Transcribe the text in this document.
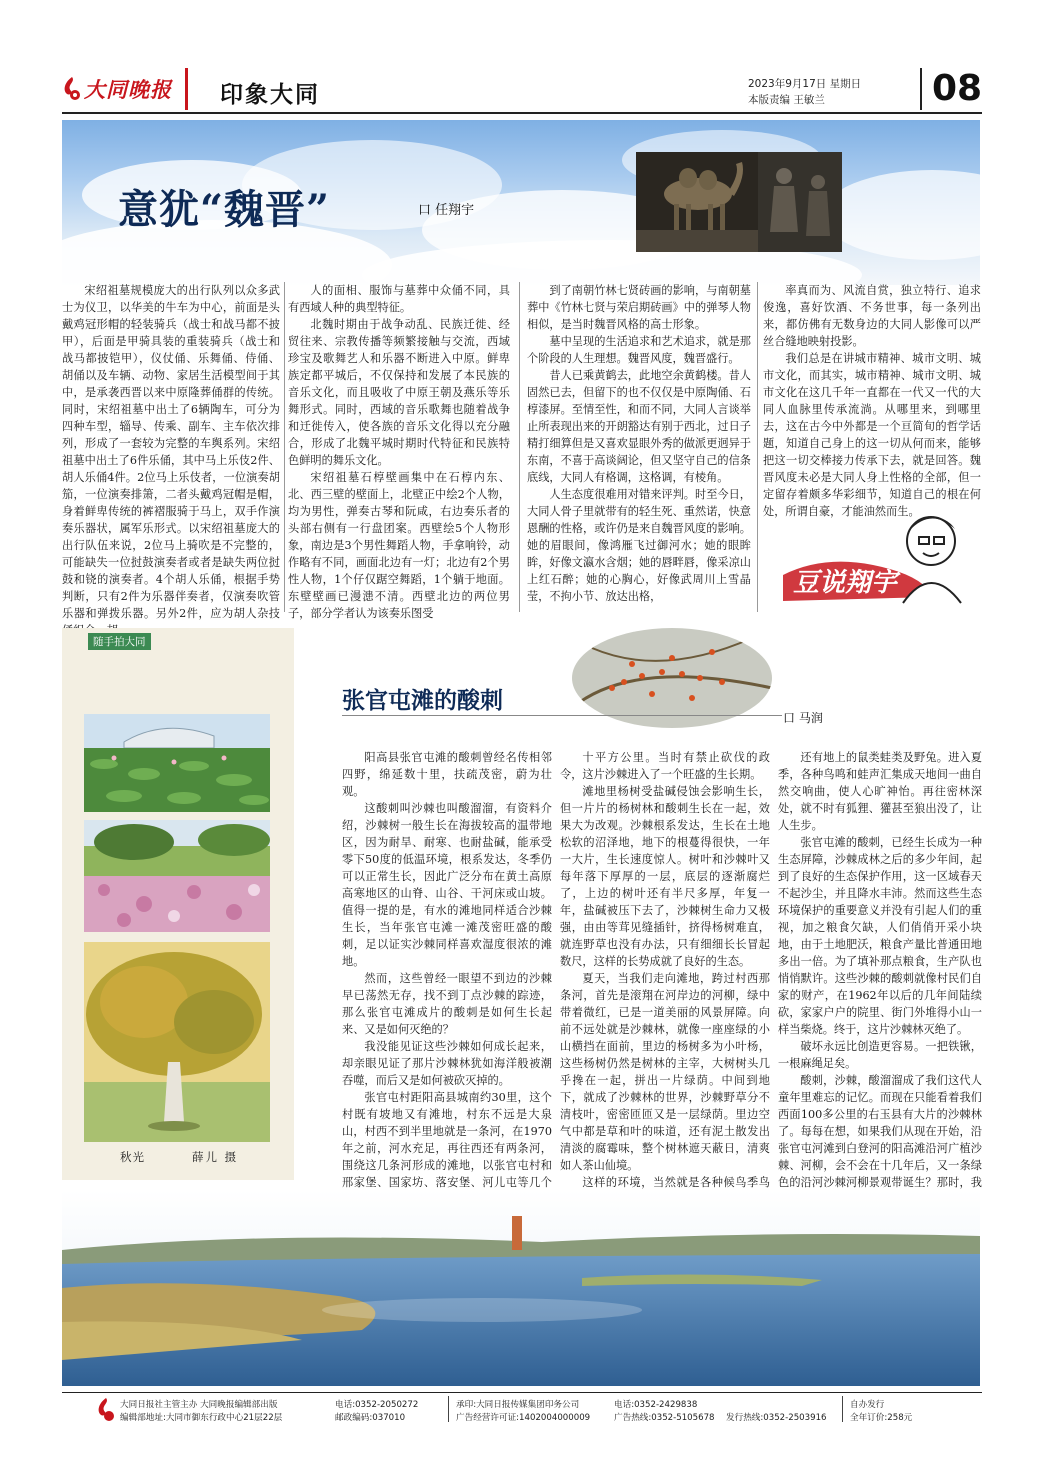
大同晚报 印象大同	2023年9月17日 星期日
本版责编 王敏兰	08
意犹“魏晋”	口 任翔宇

宋绍祖墓规模庞大的出行队列以众多武士为仪卫，以华美的牛车为中心，前面是头戴鸡冠形帽的轻装骑兵（战士和战马都不披甲），后面是甲骑具装的重装骑兵（战士和战马都披铠甲），仪仗俑、乐舞俑、侍俑、胡俑以及车辆、动物、家居生活模型间于其中，是承袭西晋以来中原隆葬俑群的传统。同时，宋绍祖墓中出土了6辆陶车，可分为四种车型，辎导、传乘、副车、主车依次排列，形成了一套较为完整的车舆系列。宋绍祖墓中出土了6件乐俑，其中马上乐伎2件、胡人乐俑4件。2位马上乐伎者，一位演奏胡笳，一位演奏排箫，二者头戴鸡冠帽是帽，身着鲜卑传统的裤褶服骑于马上，双手作演奏乐器状，属军乐形式。以宋绍祖墓庞大的出行队伍来说，2位马上骑吹是不完整的，可能缺失一位挝鼓演奏者或者是缺失两位挝鼓和铙的演奏者。4个胡人乐俑，根据手势判断，只有2件为乐器伴奏者，仅演奏吹管乐器和弹拨乐器。另外2件，应为胡人杂技

人的面相、服饰与墓葬中众俑不同，具有西域人种的典型特征。

北魏时期由于战争动乱、民族迁徙、经贸往来、宗教传播等频繁接触与交流，西域珍宝及歌舞艺人和乐器不断进入中原。鲜卑族定都平城后，不仅保持和发展了本民族的音乐文化，而且吸收了中原王朝及燕乐等乐舞形式。同时，西域的音乐歌舞也随着战争和迁徙传入，使各族的音乐文化得以充分融合，形成了北魏平城时期时代特征和民族特色鲜明的舞乐文化。

宋绍祖墓石椁壁画集中在石椁内东、北、西三壁的壁面上，北壁正中绘2个人物，均为男性，弹奏古琴和阮咸，右边奏乐者的头部右侧有一行盘团案。西壁绘5个人物形象，南边是3个男性舞蹈人物，手拿响铃，动作略有不同，画面北边有一灯；北边有2个男性人物，1个仔仅踞空舞蹈，1个躺于地面。东壁壁画已漫漶不清。西壁北边的两位男子，部分学者认为该奏乐图受

到了南朝竹林七贤砖画的影响，与南朝墓葬中《竹林七贤与荣启期砖画》中的弹琴人物相似，是当时魏晋风格的高士形象。

墓中呈现的生活追求和艺术追求，就是那个阶段的人生理想。魏晋风度，魏晋盛行。

昔人已乘黄鹤去，此地空余黄鹤楼。昔人固然已去，但留下的也不仅仅是中原陶俑、石椁漆屏。至情至性，和而不同，大同人言谈举止所表现出来的开朗豁达有别于西北，过日子精打细算但是又喜欢显眼外秀的做派更迥异于东南，不喜于高谈阔论，但又坚守自己的信条底线，大同人有格调，这格调，有棱角。

人生态度很难用对错来评判。时至今日，大同人骨子里就带有的轻生死、重然诺，快意恩酬的性格，或许仍是来自魏晋风度的影响。她的眉眼间，像鸿雁飞过御河水；她的眼眸眸，好像文瀛水含烟；她的唇畔唇，像采凉山上红石醉；她的心胸心，好像武周川上雪晶莹，不拘小节、放达出格，

率真而为、风流自赏，独立特行、追求俊逸，喜好饮酒、不务世事，每一条列出来，都仿佛有无数身边的大同人影像可以严丝合缝地映射投影。

我们总是在讲城市精神、城市文明、城市文化，而其实，城市精神、城市文明、城市文化在这几千年一直都在一代又一代的大同人血脉里传承流淌。从哪里来，到哪里去，这在古今中外都是一个亘简旬的哲学话题，知道自己身上的这一切从何而来，能够把这一切交棒接力传承下去，就是回答。魏晋风度未必是大同人身上性格的全部，但一定留存着颇多华彩细节，知道自己的根在何处，所谓自豪，才能油然而生。

豆说翔宇
随手拍大同
秋光	薛儿 摄
张官屯滩的酸刺
口 马润

阳高县张官屯滩的酸刺曾经名传相邻四野，绵延数十里，扶疏茂密，蔚为壮观。

这酸刺叫沙棘也叫酸溜溜，有资料介绍，沙棘树一般生长在海拔较高的温带地区，因为耐旱、耐寒、也耐盐碱，能承受零下50度的低温环境，根系发达，冬季仍可以正常生长，因此广泛分布在黄土高原高寒地区的山脊、山谷、干河床或山坡。值得一提的是，有水的滩地同样适合沙棘生长，当年张官屯滩一滩茂密旺盛的酸刺，足以证实沙棘同样喜欢湿度很浓的滩地。

然而，这些曾经一眼望不到边的沙棘早已荡然无存，找不到丁点沙棘的踪迹，那么张官屯滩成片的酸刺是如何生长起来、又是如何灭绝的？

我没能见证这些沙棘如何成长起来，却亲眼见证了那片沙棘林犹如海洋般被潮吞噬，而后又是如何被砍灭掉的。

张官屯村距阳高县城南约30里，这个村既有坡地又有滩地，村东不远是大泉山，村西不到半里地就是一条河，在1970年之前，河水充足，再往西还有两条河，围绕这几条河形成的滩地，以张官屯村和邢家堡、国家坊、落安堡、河儿屯等几个

十平方公里。当时有禁止砍伐的政令，这片沙棘进入了一个旺盛的生长期。

滩地里杨树受盐碱侵蚀会影响生长，但一片片的杨树林和酸刺生长在一起，效果大为改观。沙棘根系发达，生长在土地松软的沼泽地，地下的根蔓得很快，一年一大片，生长速度惊人。树叶和沙棘叶又每年落下厚厚的一层，底层的逐渐腐烂了，上边的树叶还有半尺多厚，年复一年，盐碱被压下去了，沙棘树生命力又极强，由由等茸见缝插针，挤得杨树难直，就连野草也没有办法，只有细细长长冒起数尺，这样的长势成就了良好的生态。

夏天，当我们走向滩地，跨过村西那条河，首先是滚翔在河岸边的河柳，绿中带着微红，已是一道美丽的风景屏障。向前不远处就是沙棘林，就像一座座绿的小山横挡在面前，里边的杨树多为小叶杨，这些杨树仍然是树林的主宰，大树树头几乎搀在一起，拼出一片绿荫。中间到地下，就成了沙棘林的世界，沙棘野草分不清枝叶，密密匝匝又是一层绿荫。里边空气中都是草和叶的味道，还有泥土散发出清淡的腐霉味，整个树林遮天蔽日，清爽如人茶山仙境。

这样的环境，当然就是各种候鸟季鸟

还有地上的鼠类蛙类及野兔。进入夏季，各种鸟鸣和蛙声汇集成天地间一曲自然交响曲，使人心旷神怡。再往密林深处，就不时有狐狸、獾甚至狼出没了，让人生步。

张官屯滩的酸刺，已经生长成为一种生态屏障，沙棘成林之后的多少年间，起到了良好的生态保护作用，这一区域春天不起沙尘，并且降水丰沛。然而这些生态环境保护的重要意义并没有引起人们的重视，加之粮食欠缺，人们俏俏开采小块地，由于土地肥沃，粮食产量比普通田地多出一倍。为了填补那点粮食，生产队也悄悄默许。这些沙棘的酸刺就像村民们自家的财产，在1962年以后的几年间陆续砍，家家户户的院里、街门外堆得小山一样当柴烧。终于，这片沙棘林灭绝了。

破坏永远比创造更容易。一把铁锹，一根麻绳足矣。

酸刺，沙棘，酸溜溜成了我们这代人童年里难忘的记忆。而现在只能看着我们西面100多公里的右玉县有大片的沙棘林了。每每在想，如果我们从现在开始，沿张官屯河滩到白登河的阳高滩沿河广植沙棘、河柳，会不会在十几年后，又一条绿色的沿河沙棘河柳景观带诞生？那时，我

大同日报社主管主办 大同晚报编辑部出版	电话:0352-2050272
编辑部地址:大同市御东行政中心21层22层	邮政编码:037010
承印:大同日报传媒集团印务公司	电话:0352-2429838
广告经营许可证:1402004000009	广告热线:0352-5105678 发行热线:0352-2503916
自办发行
全年订价:258元
